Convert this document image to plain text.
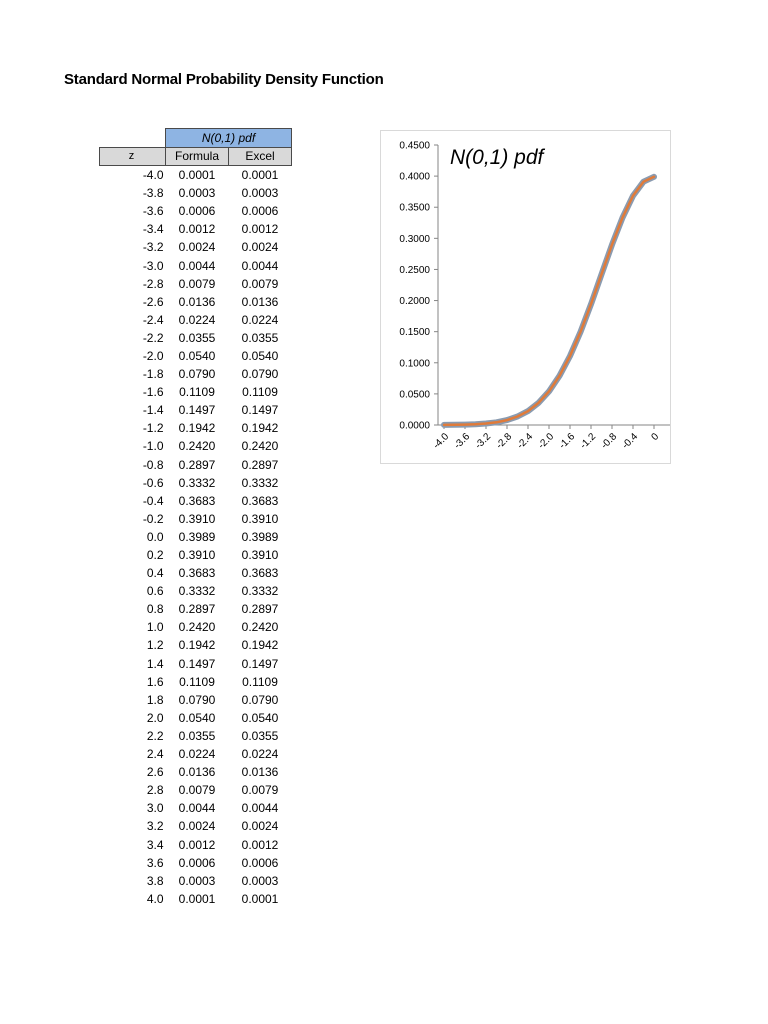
Standard Normal Probability Density Function
	N(0,1) pdf	
z	Formula	Excel
-4.0	0.0001	0.0001
-3.8	0.0003	0.0003
-3.6	0.0006	0.0006
-3.4	0.0012	0.0012
-3.2	0.0024	0.0024
-3.0	0.0044	0.0044
-2.8	0.0079	0.0079
-2.6	0.0136	0.0136
-2.4	0.0224	0.0224
-2.2	0.0355	0.0355
-2.0	0.0540	0.0540
-1.8	0.0790	0.0790
-1.6	0.1109	0.1109
-1.4	0.1497	0.1497
-1.2	0.1942	0.1942
-1.0	0.2420	0.2420
-0.8	0.2897	0.2897
-0.6	0.3332	0.3332
-0.4	0.3683	0.3683
-0.2	0.3910	0.3910
0.0	0.3989	0.3989
0.2	0.3910	0.3910
0.4	0.3683	0.3683
0.6	0.3332	0.3332
0.8	0.2897	0.2897
1.0	0.2420	0.2420
1.2	0.1942	0.1942
1.4	0.1497	0.1497
1.6	0.1109	0.1109
1.8	0.0790	0.0790
2.0	0.0540	0.0540
2.2	0.0355	0.0355
2.4	0.0224	0.0224
2.6	0.0136	0.0136
2.8	0.0079	0.0079
3.0	0.0044	0.0044
3.2	0.0024	0.0024
3.4	0.0012	0.0012
3.6	0.0006	0.0006
3.8	0.0003	0.0003
4.0	0.0001	0.0001
0.0000
0.0500
0.1000
0.1500
0.2000
0.2500
0.3000
0.3500
0.4000
0.4500
-4.0 -3.6 -3.2 -2.8 -2.4 -2.0 -1.6 -1.2 -0.8 -0.4 0
N(0,1) pdf
